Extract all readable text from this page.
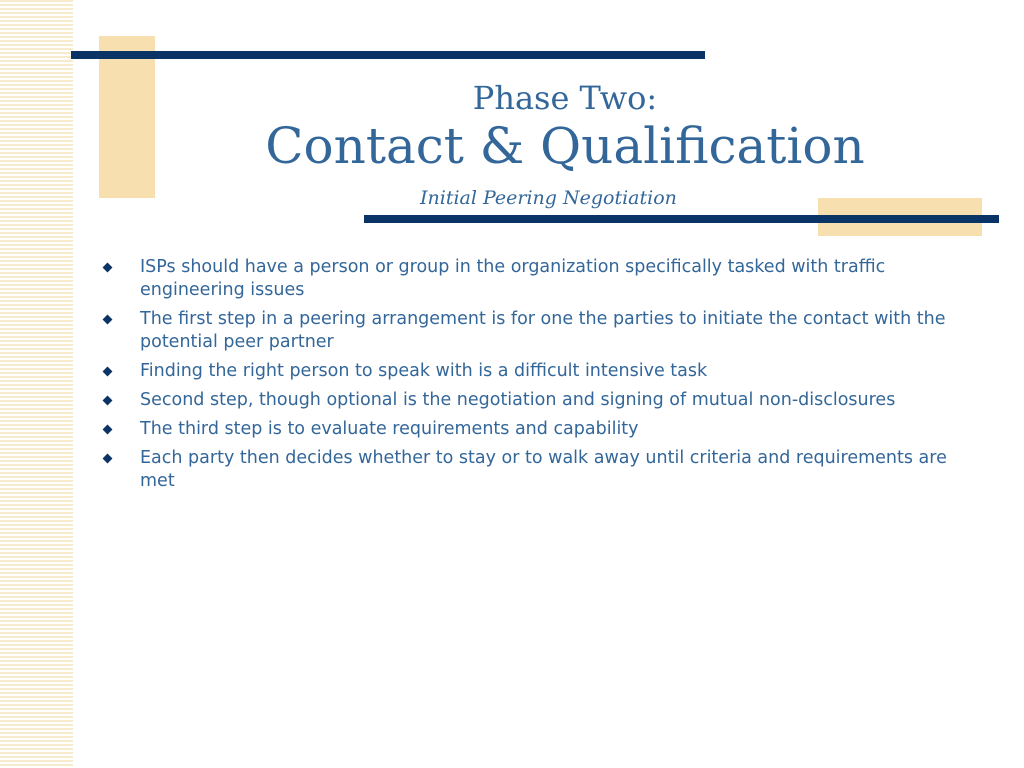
Phase Two:
Contact & Qualification
Initial Peering Negotiation
ISPs should have a person or group in the organization specifically tasked with traffic engineering issues
The first step in a peering arrangement is for one the parties to initiate the contact with the potential peer partner
Finding the right person to speak with is a difficult intensive task
Second step, though optional is the negotiation and signing of mutual non-disclosures
The third step is to evaluate requirements and capability
Each party then decides whether to stay or to walk away until criteria and requirements are met
